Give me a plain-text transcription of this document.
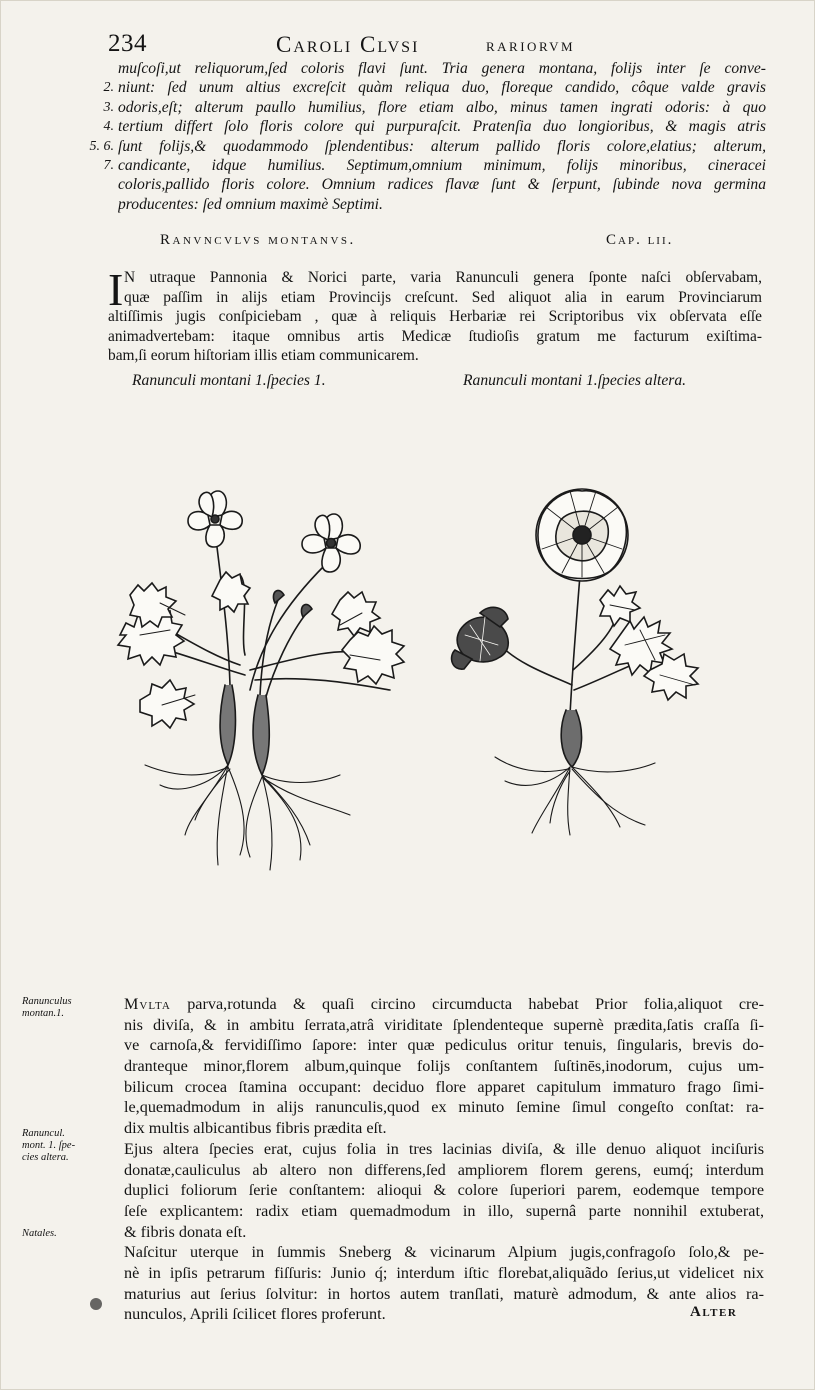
234	Caroli Clvsi	rariorvm
2.
3.
4.
5. 6.
7.
muſcoſi,ut reliquorum,ſed coloris flavi ſunt. Tria genera montana, folijs inter ſe conve-
niunt: ſed unum altius excreſcit quàm reliqua duo, floreque candido, côque valde gravis
odoris,eſt; alterum paullo humilius, flore etiam albo, minus tamen ingrati odoris: à quo
tertium differt ſolo floris colore qui purpuraſcit. Pratenſia duo longioribus, & magis atris
ſunt folijs,& quodammodo ſplendentibus: alterum pallido floris colore,elatius; alterum,
candicante, idque humilius. Septimum,omnium minimum, folijs minoribus, cineracei
coloris,pallido floris colore. Omnium radices flavæ ſunt & ſerpunt, ſubinde nova germina
producentes: ſed omnium maximè Septimi.
Ranvncvlvs montanvs.	Cap. lii.
I N utraque Pannonia & Norici parte, varia Ranunculi genera ſponte naſci obſervabam,
quæ paſſim in alijs etiam Provincijs creſcunt. Sed aliquot alia in earum Provinciarum
altiſſimis jugis conſpiciebam , quæ à reliquis Herbariæ rei Scriptoribus vix obſervata eſſe
animadvertebam: itaque omnibus artis Medicæ ſtudioſis gratum me facturum exiſtima-
bam,ſi eorum hiſtoriam illis etiam communicarem.
Ranunculi montani 1.ſpecies 1.	Ranunculi montani 1.ſpecies altera.
Ranunculus
montan.1.
Ranuncul.
mont. 1. ſpe-
cies altera.
Natales.
Mvlta parva,rotunda & quaſi circino circumducta habebat Prior folia,aliquot cre-
nis diviſa, & in ambitu ſerrata,atrâ viriditate ſplendenteque supernè prædita,ſatis craſſa ſi-
ve carnoſa,& fervidiſſimo ſapore: inter quæ pediculus oritur tenuis, ſingularis, brevis do-
dranteque minor,florem album,quinque folijs conſtantem ſuſtinēs,inodorum, cujus um-
bilicum crocea ſtamina occupant: deciduo flore apparet capitulum immaturo frago ſimi-
le,quemadmodum in alijs ranunculis,quod ex minuto ſemine ſimul congeſto conſtat: ra-
dix multis albicantibus fibris prædita eſt.
Ejus altera ſpecies erat, cujus folia in tres lacinias diviſa, & ille denuo aliquot inciſuris
donatæ,cauliculus ab altero non differens,ſed ampliorem florem gerens, eumq́; interdum
duplici foliorum ſerie conſtantem: alioqui & colore ſuperiori parem, eodemque tempore
ſeſe explicantem: radix etiam quemadmodum in illo, supernâ parte nonnihil extuberat,
& fibris donata eſt.
Naſcitur uterque in ſummis Sneberg & vicinarum Alpium jugis,confragoſo ſolo,& pe-
nè in ipſis petrarum fiſſuris: Junio q́; interdum iſtic florebat,aliquãdo ſerius,ut videlicet nix
maturius aut ſerius ſolvitur: in hortos autem tranſlati, maturè admodum, & ante alios ra-
nunculos, Aprili ſcilicet flores proferunt.	Alter
